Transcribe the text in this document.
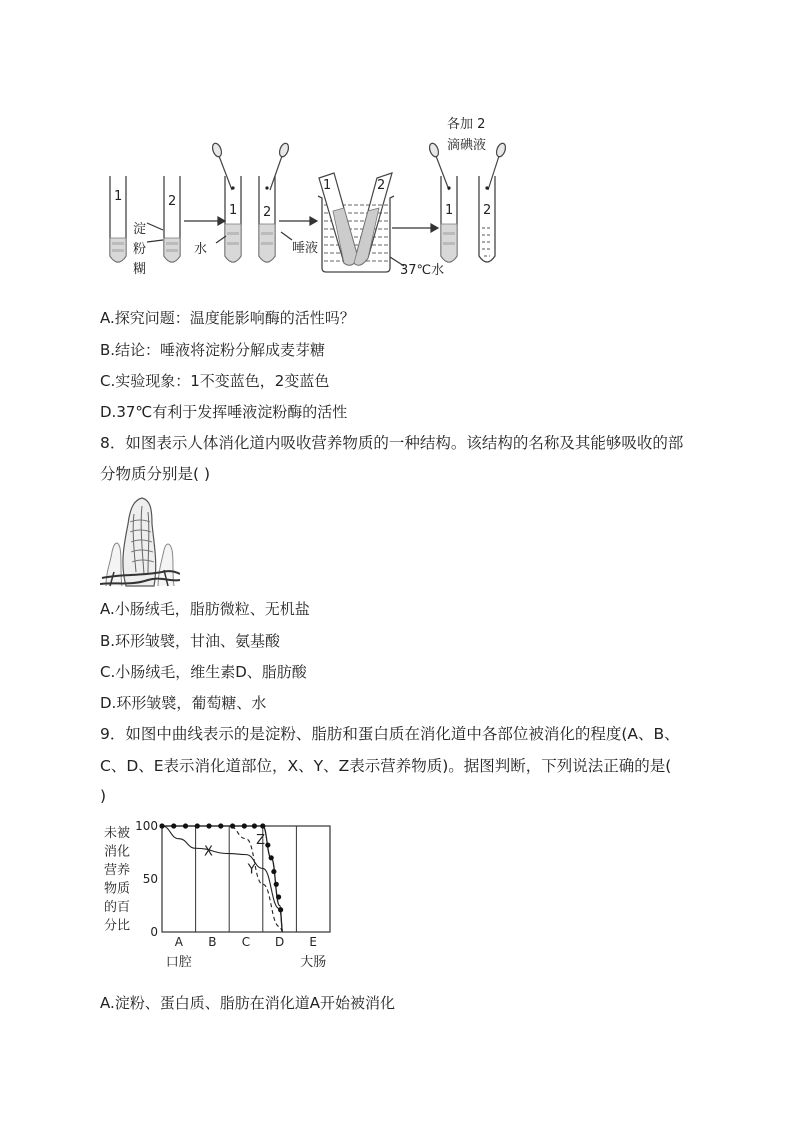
1	2
1 2
1	2
1 2
淀
粉
糊
水	唾液
37℃水
各加 2
滴碘液
A.探究问题：温度能影响酶的活性吗？
B.结论：唾液将淀粉分解成麦芽糖
C.实验现象：1不变蓝色，2变蓝色
D.37℃有利于发挥唾液淀粉酶的活性
8．如图表示人体消化道内吸收营养物质的一种结构。该结构的名称及其能够吸收的部
分物质分别是( )
A.小肠绒毛，脂肪微粒、无机盐
B.环形皱襞，甘油、氨基酸
C.小肠绒毛，维生素D、脂肪酸
D.环形皱襞，葡萄糖、水
9．如图中曲线表示的是淀粉、脂肪和蛋白质在消化道中各部位被消化的程度(A、B、
C、D、E表示消化道部位，X、Y、Z表示营养物质)。据图判断，下列说法正确的是(
)
未被
消化
营养
物质
的百
分比
100
50
0
X
Y
Z
A B C D E
口腔	大肠
A.淀粉、蛋白质、脂肪在消化道A开始被消化
